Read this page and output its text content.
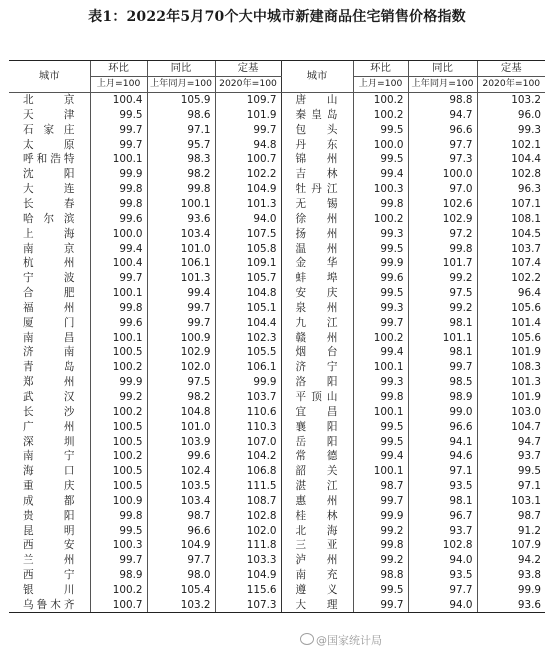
表1：2022年5月70个大中城市新建商品住宅销售价格指数
城市	环比	同比	定基	城市	环比	同比	定基
	上月=100	上年同月=100	2020年=100		上月=100	上年同月=100	2020年=100
北　京	100.4	105.9	109.7	唐　山	100.2	98.8	103.2
天　津	99.5	98.6	101.9	秦皇岛	100.2	94.7	96.0
石家庄	99.7	97.1	99.7	包　头	99.5	96.6	99.3
太　原	99.7	95.7	94.8	丹　东	100.0	97.7	102.1
呼和浩特	100.1	98.3	100.7	锦　州	99.5	97.3	104.4
沈　阳	99.9	98.2	102.2	吉　林	99.4	100.0	102.8
大　连	99.8	99.8	104.9	牡丹江	100.3	97.0	96.3
长　春	99.8	100.1	101.3	无　锡	99.8	102.6	107.1
哈尔滨	99.6	93.6	94.0	徐　州	100.2	102.9	108.1
上　海	100.0	103.4	107.5	扬　州	99.3	97.2	104.5
南　京	99.4	101.0	105.8	温　州	99.5	99.8	103.7
杭　州	100.4	106.1	109.1	金　华	99.9	101.7	107.4
宁　波	99.7	101.3	105.7	蚌　埠	99.6	99.2	102.2
合　肥	100.1	99.4	104.8	安　庆	99.5	97.5	96.4
福　州	99.8	99.7	105.1	泉　州	99.3	99.2	105.6
厦　门	99.6	99.7	104.4	九　江	99.7	98.1	101.4
南　昌	100.1	100.9	102.3	赣　州	100.2	101.1	105.6
济　南	100.5	102.9	105.5	烟　台	99.4	98.1	101.9
青　岛	100.2	102.0	106.1	济　宁	100.1	99.7	108.3
郑　州	99.9	97.5	99.9	洛　阳	99.3	98.5	101.3
武　汉	99.2	98.2	103.7	平顶山	99.8	98.9	101.9
长　沙	100.2	104.8	110.6	宜　昌	100.1	99.0	103.0
广　州	100.5	101.0	110.3	襄　阳	99.5	96.6	104.7
深　圳	100.5	103.9	107.0	岳　阳	99.5	94.1	94.7
南　宁	100.2	99.6	104.2	常　德	99.4	94.6	93.7
海　口	100.5	102.4	106.8	韶　关	100.1	97.1	99.5
重　庆	100.5	103.5	111.5	湛　江	98.7	93.5	97.1
成　都	100.9	103.4	108.7	惠　州	99.7	98.1	103.1
贵　阳	99.8	98.7	102.8	桂　林	99.9	96.7	98.7
昆　明	99.5	96.6	102.0	北　海	99.2	93.7	91.2
西　安	100.3	104.9	111.8	三　亚	99.8	102.8	107.9
兰　州	99.7	97.7	103.3	泸　州	99.2	94.0	94.2
西　宁	98.9	98.0	104.9	南　充	98.8	93.5	93.8
银　川	100.2	105.4	115.6	遵　义	99.5	97.7	99.9
乌鲁木齐	100.7	103.2	107.3	大　理	99.7	94.0	93.6
@国家统计局
